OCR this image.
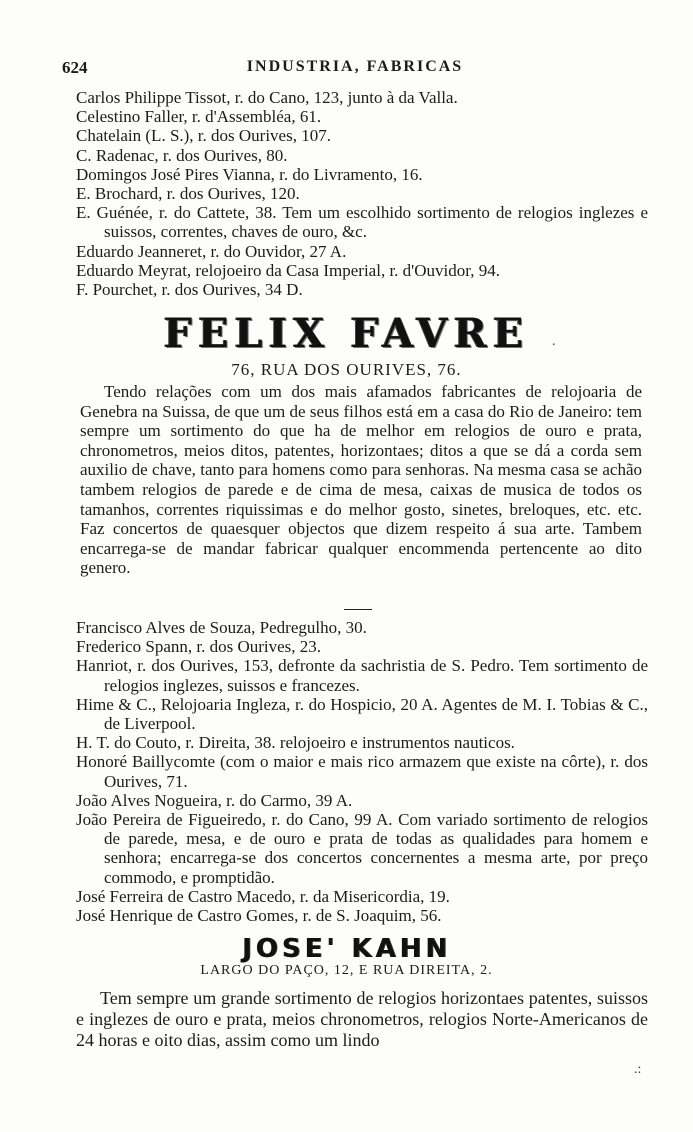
624	INDUSTRIA, FABRICAS
Carlos Philippe Tissot, r. do Cano, 123, junto à da Valla.
Celestino Faller, r. d'Assembléa, 61.
Chatelain (L. S.), r. dos Ourives, 107.
C. Radenac, r. dos Ourives, 80.
Domingos José Pires Vianna, r. do Livramento, 16.
E. Brochard, r. dos Ourives, 120.
E. Guénée, r. do Cattete, 38. Tem um escolhido sortimento de relogios inglezes e suissos, correntes, chaves de ouro, &c.
Eduardo Jeanneret, r. do Ouvidor, 27 A.
Eduardo Meyrat, relojoeiro da Casa Imperial, r. d'Ouvidor, 94.
F. Pourchet, r. dos Ourives, 34 D.
FELIX FAVRE	.
76, RUA DOS OURIVES, 76.
Tendo relações com um dos mais afamados fabricantes de relojoaria de Genebra na Suissa, de que um de seus filhos está em a casa do Rio de Janeiro: tem sempre um sortimento do que ha de melhor em relogios de ouro e prata, chronometros, meios ditos, patentes, horizontaes; ditos a que se dá a corda sem auxilio de chave, tanto para homens como para senhoras. Na mesma casa se achão tambem relogios de parede e de cima de mesa, caixas de musica de todos os tamanhos, correntes riquissimas e do melhor gosto, sinetes, breloques, etc. etc. Faz concertos de quaesquer objectos que dizem respeito á sua arte. Tambem encarrega-se de mandar fabricar qualquer encommenda pertencente ao dito genero.
Francisco Alves de Souza, Pedregulho, 30.
Frederico Spann, r. dos Ourives, 23.
Hanriot, r. dos Ourives, 153, defronte da sachristia de S. Pedro. Tem sortimento de relogios inglezes, suissos e francezes.
Hime & C., Relojoaria Ingleza, r. do Hospicio, 20 A. Agentes de M. I. Tobias & C., de Liverpool.
H. T. do Couto, r. Direita, 38. relojoeiro e instrumentos nauticos.
Honoré Baillycomte (com o maior e mais rico armazem que existe na côrte), r. dos Ourives, 71.
João Alves Nogueira, r. do Carmo, 39 A.
João Pereira de Figueiredo, r. do Cano, 99 A. Com variado sortimento de relogios de parede, mesa, e de ouro e prata de todas as qualidades para homem e senhora; encarrega-se dos concertos concernentes a mesma arte, por preço commodo, e promptidão.
José Ferreira de Castro Macedo, r. da Misericordia, 19.
José Henrique de Castro Gomes, r. de S. Joaquim, 56.
JOSE' KAHN
LARGO DO PAÇO, 12, E RUA DIREITA, 2.
Tem sempre um grande sortimento de relogios horizontaes patentes, suissos e inglezes de ouro e prata, meios chronometros, relogios Norte-Americanos de 24 horas e oito dias, assim como um lindo
.:
